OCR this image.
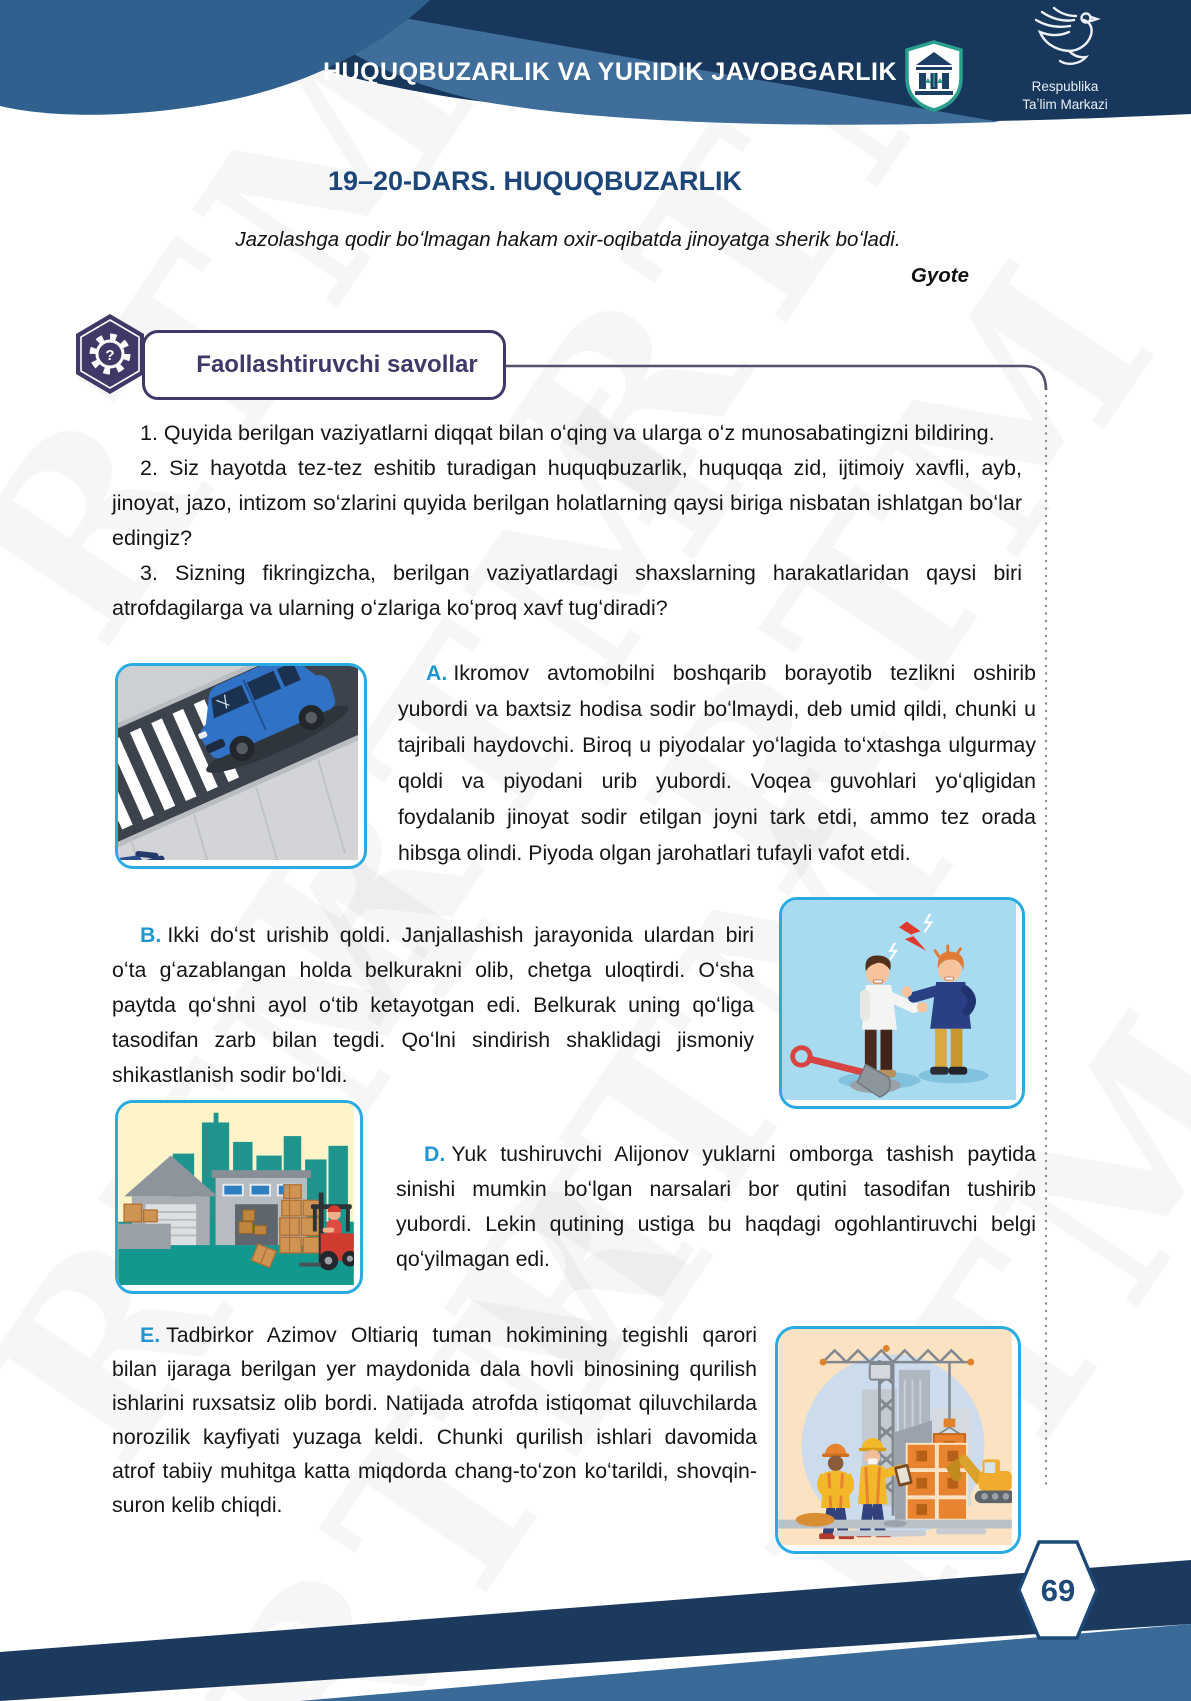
HUQUQBUZARLIK VA YURIDIK JAVOBGARLIK
Respublika
Taʼlim Markazi
19–20-DARS. HUQUQBUZARLIK
Jazolashga qodir boʻlmagan hakam oxir-oqibatda jinoyatga sherik boʻladi.
Gyote
?	Faollashtiruvchi savollar

1. Quyida berilgan vaziyatlarni diqqat bilan oʻqing va ularga oʻz munosabatingizni bildiring.

2. Siz hayotda tez-tez eshitib turadigan huquqbuzarlik, huquqqa zid, ijtimoiy xavfli, ayb, jinoyat, jazo, intizom soʻzlarini quyida berilgan holatlarning qaysi biriga nisbatan ishlatgan boʻlar edingiz?

3. Sizning fikringizcha, berilgan vaziyatlardagi shaxslarning harakatlaridan qaysi biri atrofdagilarga va ularning oʻzlariga koʻproq xavf tugʻdiradi?

A. Ikromov avtomobilni boshqarib borayotib tezlikni oshirib yubordi va baxtsiz hodisa sodir boʻlmaydi, deb umid qildi, chunki u tajribali haydovchi. Biroq u piyodalar yoʻlagida toʻxtashga ulgurmay qoldi va piyodani urib yubordi. Voqea guvohlari yoʻqligidan foydalanib jinoyat sodir etilgan joyni tark etdi, ammo tez orada hibsga olindi. Piyoda olgan jarohatlari tufayli vafot etdi.

B. Ikki doʻst urishib qoldi. Janjallashish jarayonida ulardan biri oʻta gʻazablangan holda belkurakni olib, chetga uloqtirdi. Oʻsha paytda qoʻshni ayol oʻtib ketayotgan edi. Belkurak uning qoʻliga tasodifan zarb bilan tegdi. Qoʻlni sindirish shaklidagi jismoniy shikastlanish sodir boʻldi.

D. Yuk tushiruvchi Alijonov yuklarni omborga tashish paytida sinishi mumkin boʻlgan narsalari bor qutini tasodifan tushirib yubordi. Lekin qutining ustiga bu haqdagi ogohlantiruvchi belgi qoʻyilmagan edi.

E. Tadbirkor Azimov Oltiariq tuman hokimining tegishli qarori bilan ijaraga berilgan yer maydonida dala hovli binosining qurilish ishlarini ruxsatsiz olib bordi. Natijada atrofda istiqomat qiluvchilarda norozilik kayfiyati yuzaga keldi. Chunki qurilish ishlari davomida atrof tabiiy muhitga katta miqdorda chang-toʻzon koʻtarildi, shovqin-suron kelib chiqdi.

69
